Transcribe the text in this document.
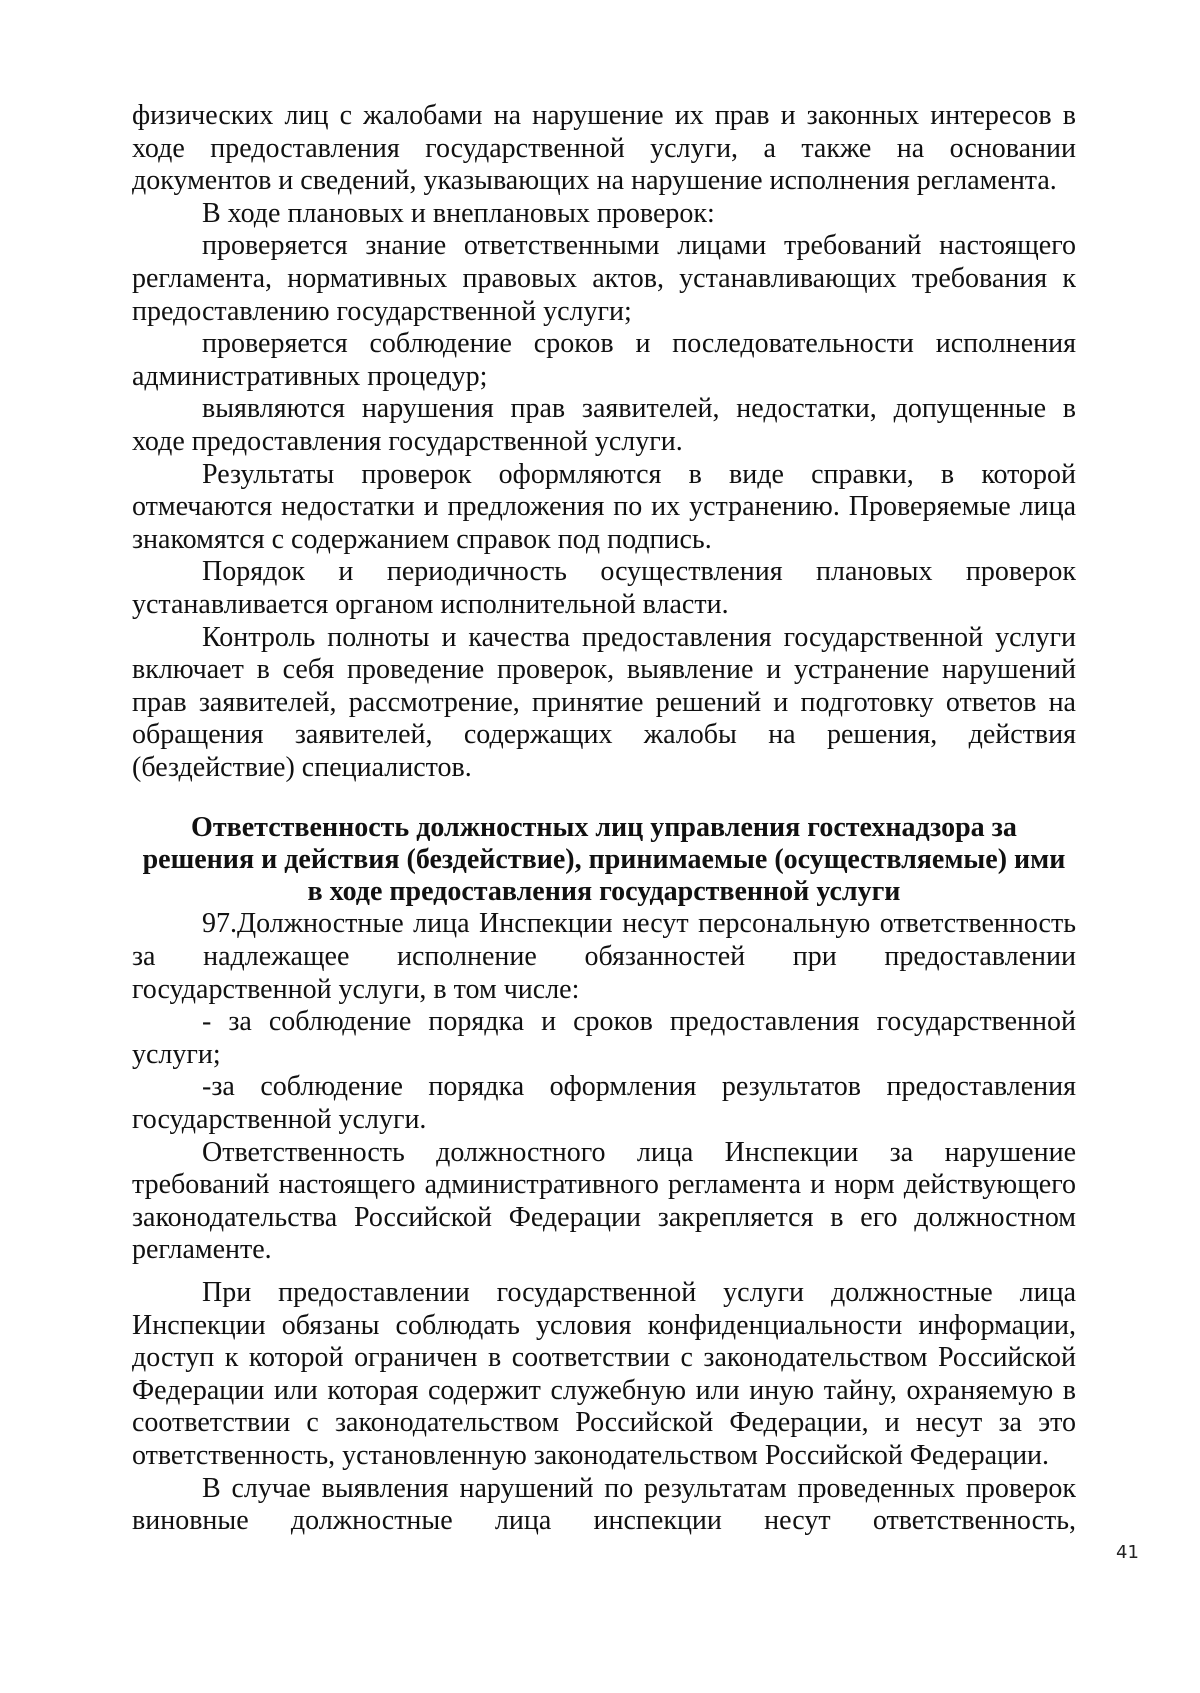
физических лиц с жалобами на нарушение их прав и законных интересов в ходе предоставления государственной услуги, а также на основании документов и сведений, указывающих на нарушение исполнения регламента.

В ходе плановых и внеплановых проверок:

проверяется знание ответственными лицами требований настоящего регламента, нормативных правовых актов, устанавливающих требования к предоставлению государственной услуги;

проверяется соблюдение сроков и последовательности исполнения административных процедур;

выявляются нарушения прав заявителей, недостатки, допущенные в ходе предоставления государственной услуги.

Результаты проверок оформляются в виде справки, в которой отмечаются недостатки и предложения по их устранению. Проверяемые лица знакомятся с содержанием справок под подпись.

Порядок и периодичность осуществления плановых проверок устанавливается органом исполнительной власти.

Контроль полноты и качества предоставления государственной услуги включает в себя проведение проверок, выявление и устранение нарушений прав заявителей, рассмотрение, принятие решений и подготовку ответов на обращения заявителей, содержащих жалобы на решения, действия (бездействие) специалистов.

Ответственность должностных лиц управления гостехнадзора за
решения и действия (бездействие), принимаемые (осуществляемые) ими
в ходе предоставления государственной услуги

97.Должностные лица Инспекции несут персональную ответственность за надлежащее исполнение обязанностей при предоставлении государственной услуги, в том числе:

- за соблюдение порядка и сроков предоставления государственной услуги;

-за соблюдение порядка оформления результатов предоставления государственной услуги.

Ответственность должностного лица Инспекции за нарушение требований настоящего административного регламента и норм действующего законодательства Российской Федерации закрепляется в его должностном регламенте.

При предоставлении государственной услуги должностные лица Инспекции обязаны соблюдать условия конфиденциальности информации, доступ к которой ограничен в соответствии с законодательством Российской Федерации или которая содержит служебную или иную тайну, охраняемую в соответствии с законодательством Российской Федерации, и несут за это ответственность, установленную законодательством Российской Федерации.

В случае выявления нарушений по результатам проведенных проверок виновные должностные лица инспекции несут ответственность,

41
